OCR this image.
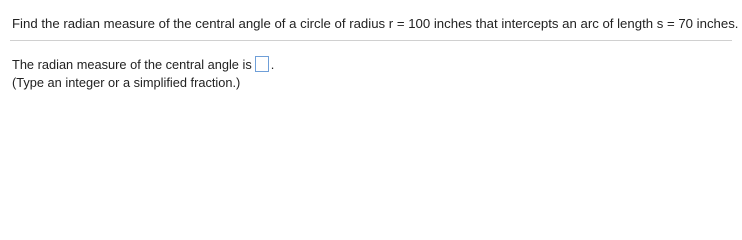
Find the radian measure of the central angle of a circle of radius r = 100 inches that intercepts an arc of length s = 70 inches.
The radian measure of the central angle is .
(Type an integer or a simplified fraction.)
